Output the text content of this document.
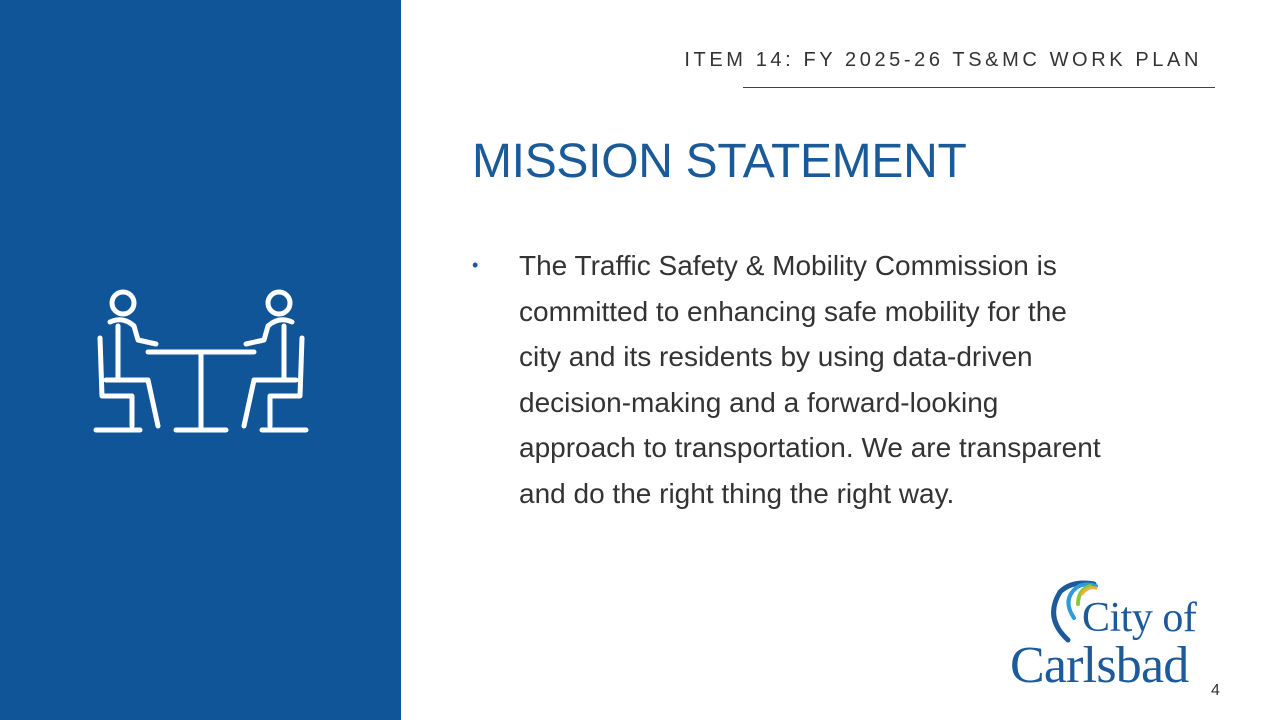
ITEM 14: FY 2025-26 TS&MC WORK PLAN
MISSION STATEMENT
• The Traffic Safety & Mobility Commission is
committed to enhancing safe mobility for the
city and its residents by using data-driven
decision-making and a forward-looking
approach to transportation. We are transparent
and do the right thing the right way.
City of
Carlsbad 4
